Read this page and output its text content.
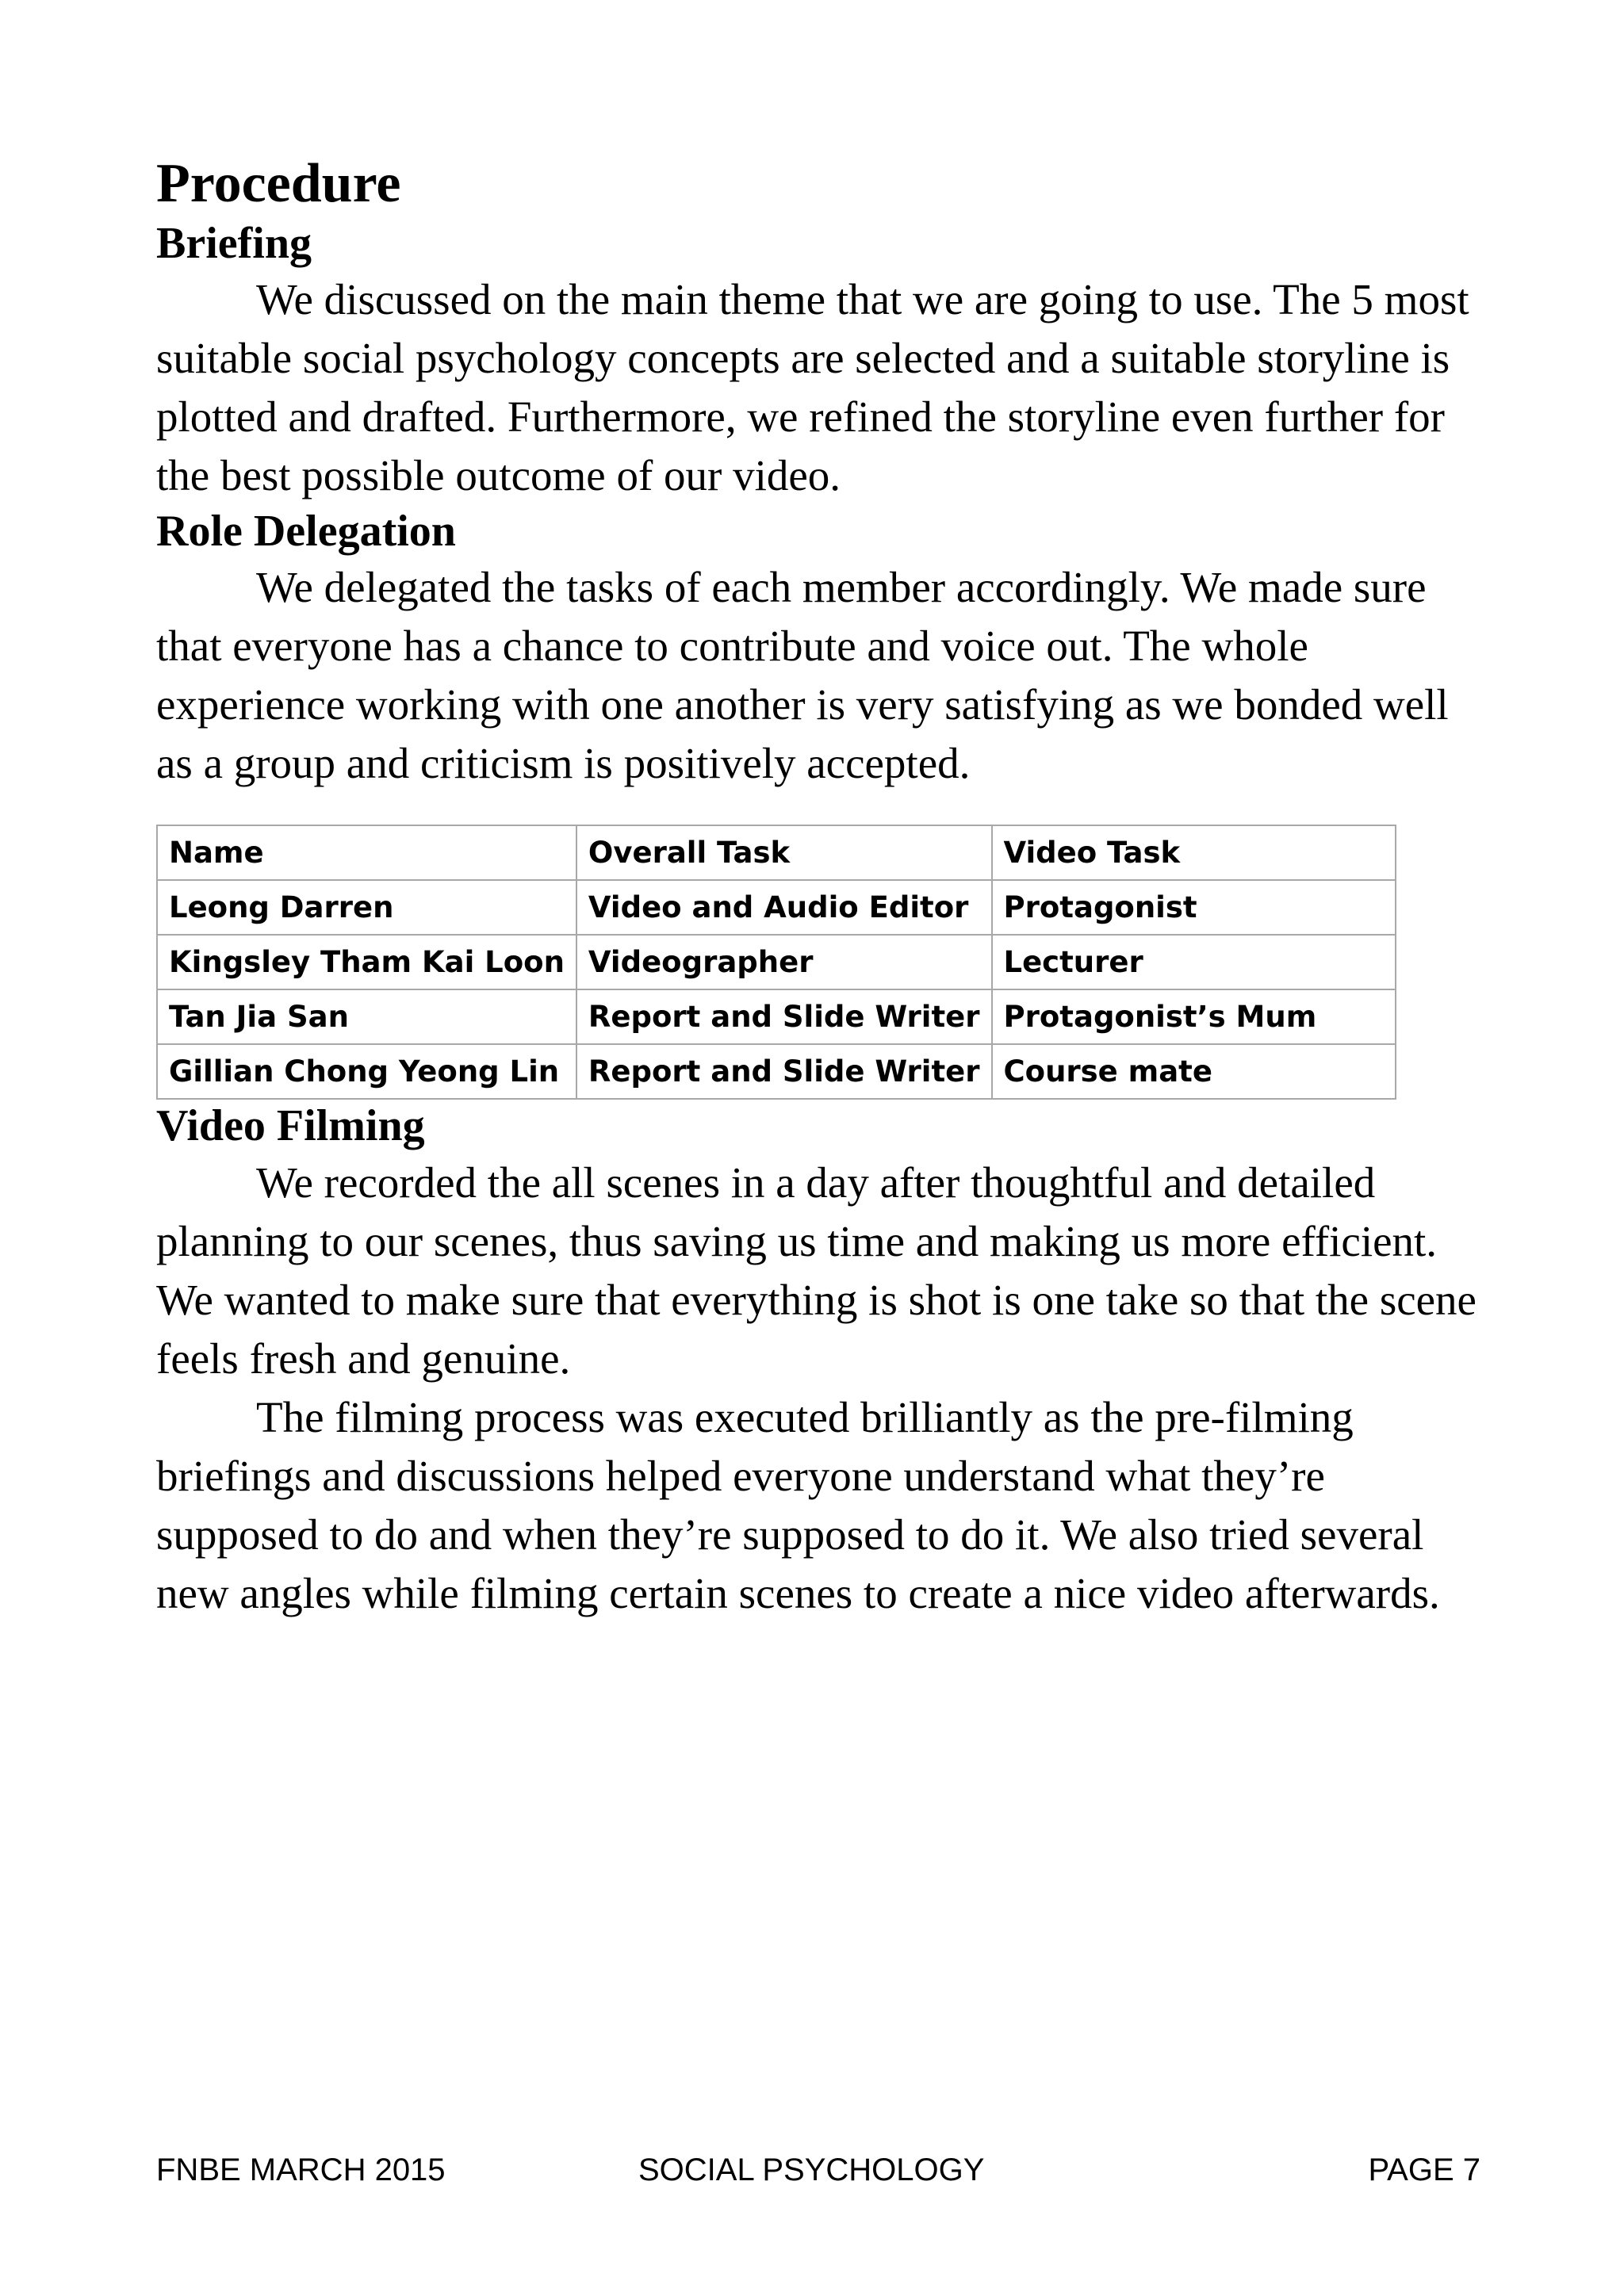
Procedure
Briefing

We discussed on the main theme that we are going to use. The 5 most suitable social psychology concepts are selected and a suitable storyline is plotted and drafted. Furthermore, we refined the storyline even further for the best possible outcome of our video.

Role Delegation

We delegated the tasks of each member accordingly. We made sure that everyone has a chance to contribute and voice out. The whole experience working with one another is very satisfying as we bonded well as a group and criticism is positively accepted.

Name	Overall Task	Video Task
Leong Darren	Video and Audio Editor	Protagonist
Kingsley Tham Kai Loon	Videographer	Lecturer
Tan Jia San	Report and Slide Writer	Protagonist’s Mum
Gillian Chong Yeong Lin	Report and Slide Writer	Course mate
Video Filming

We recorded the all scenes in a day after thoughtful and detailed planning to our scenes, thus saving us time and making us more efficient. We wanted to make sure that everything is shot is one take so that the scene feels fresh and genuine.

The filming process was executed brilliantly as the pre-filming briefings and discussions helped everyone understand what they’re supposed to do and when they’re supposed to do it. We also tried several new angles while filming certain scenes to create a nice video afterwards.

FNBE MARCH 2015	SOCIAL PSYCHOLOGY	PAGE 7
